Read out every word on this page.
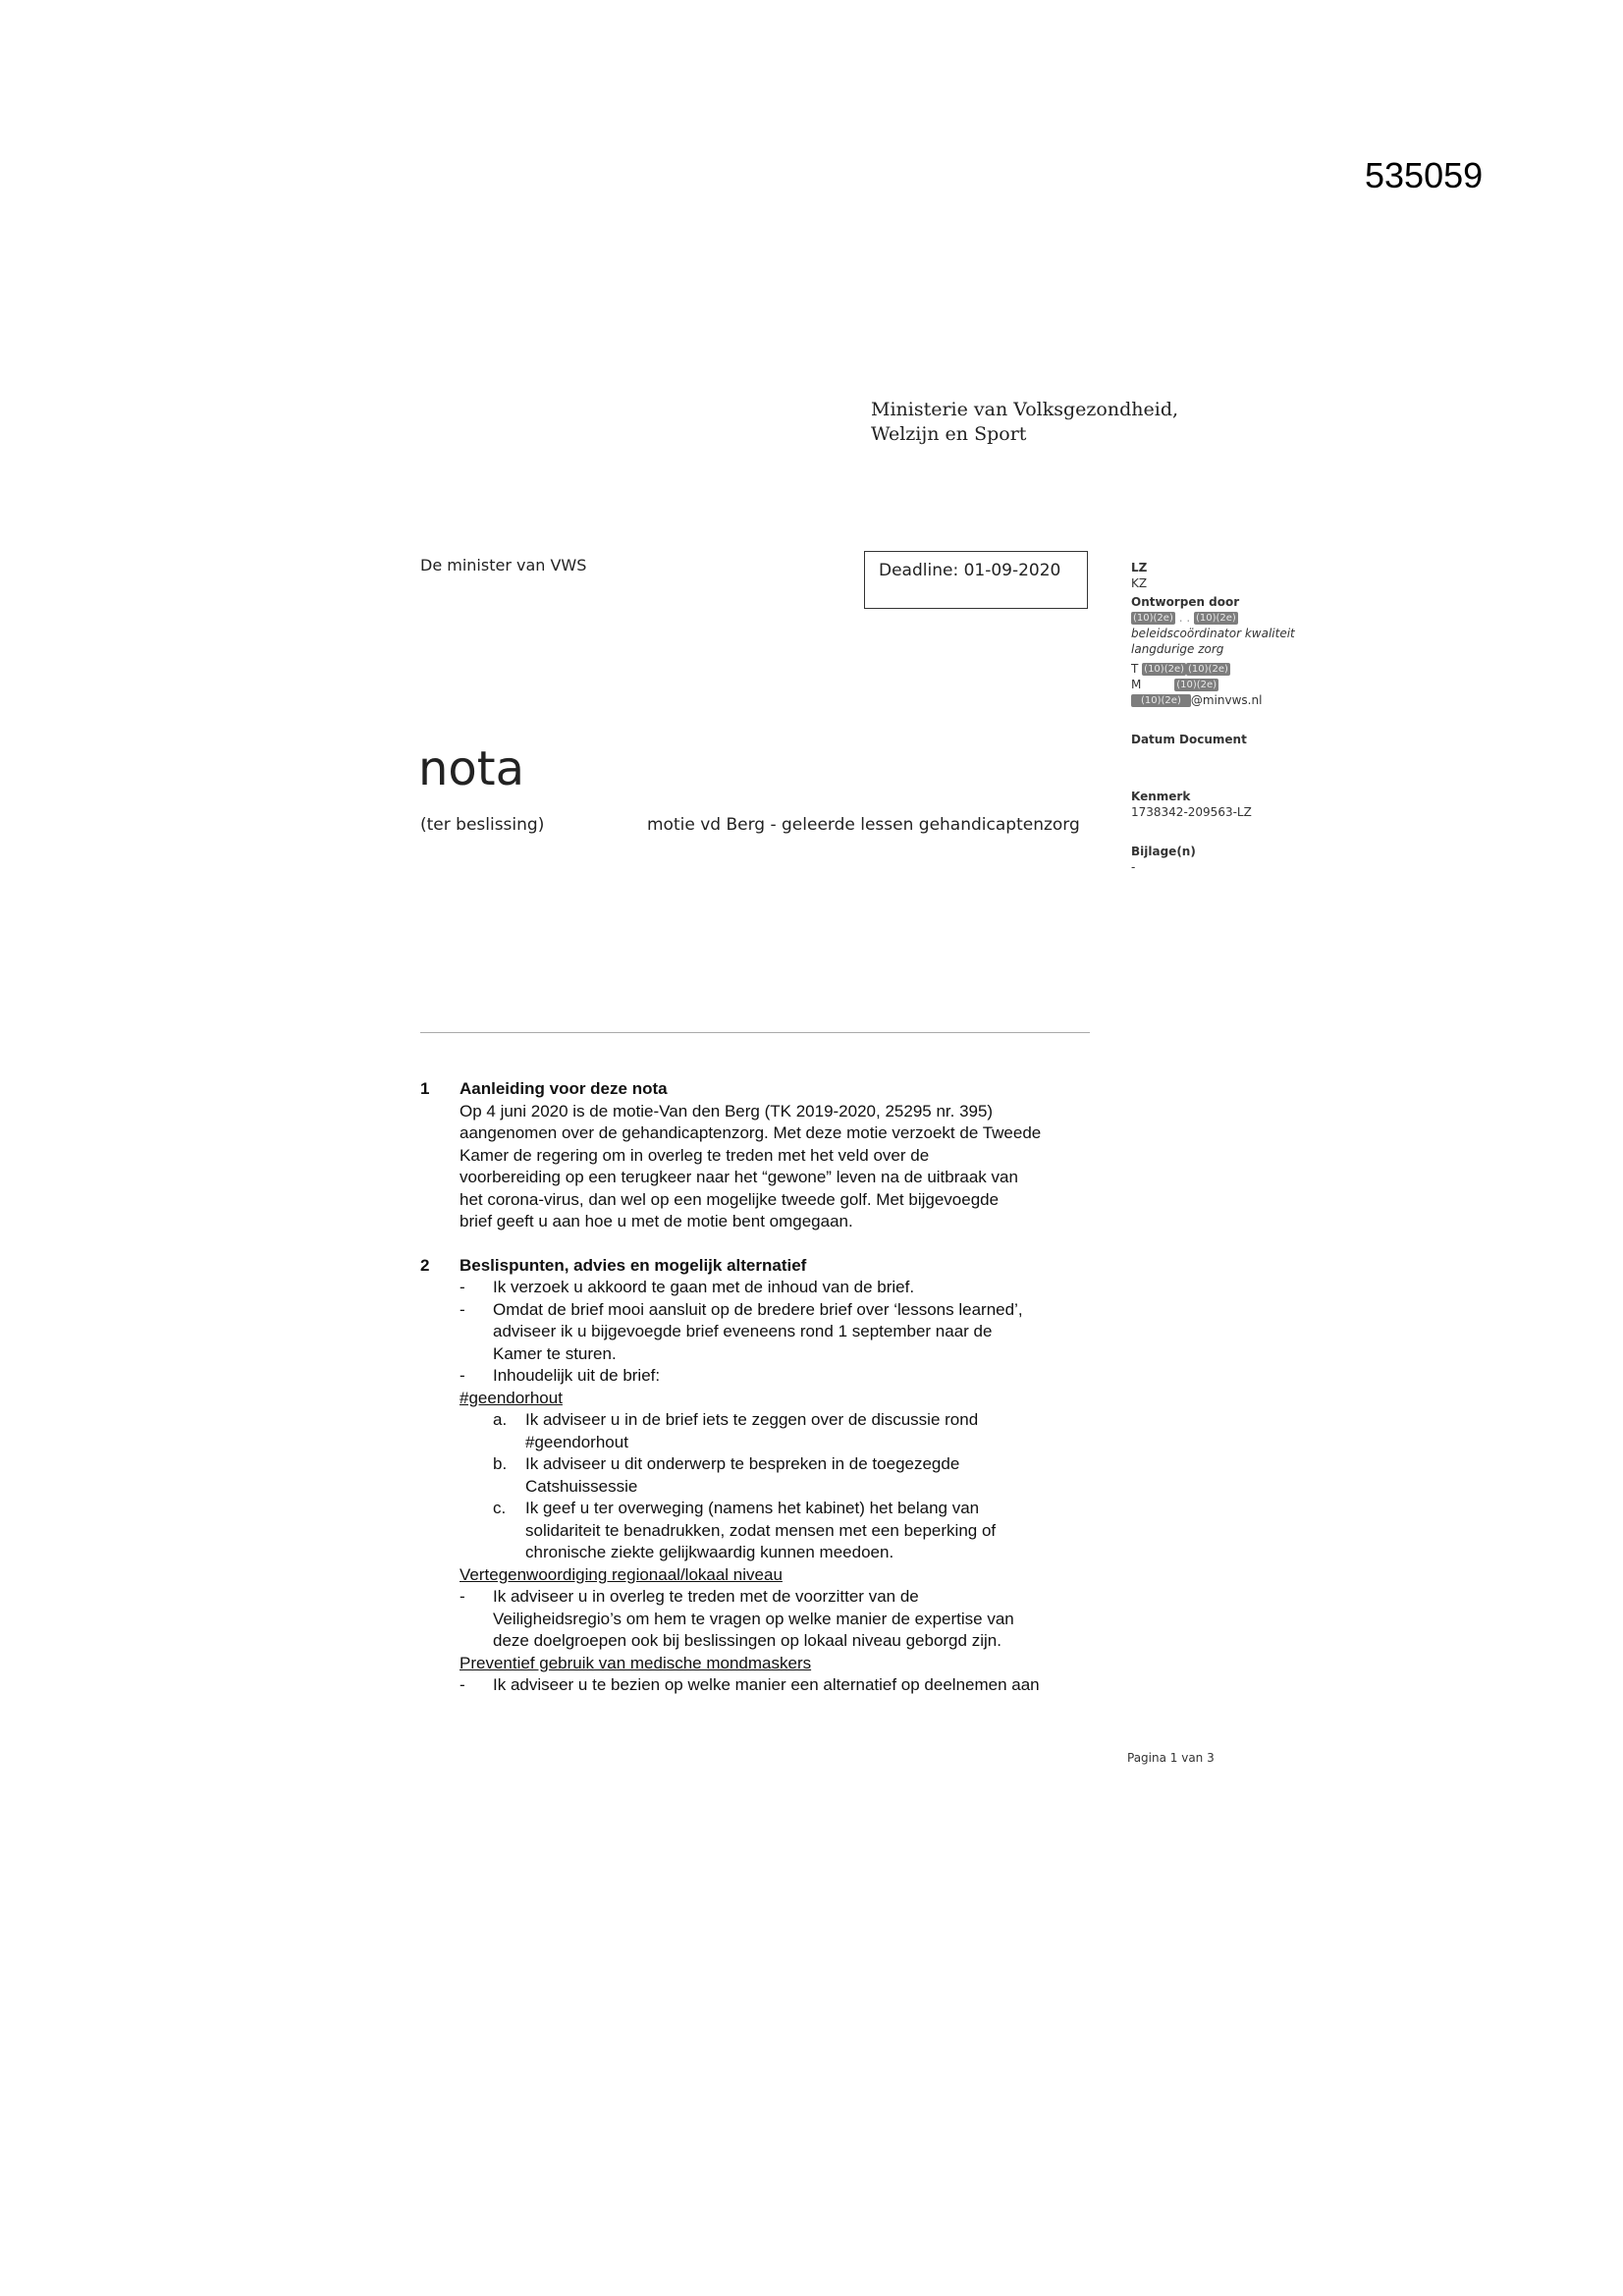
535059
Ministerie van Volksgezondheid,
Welzijn en Sport
De minister van VWS	Deadline: 01-09-2020	LZ
KZ
Ontworpen door
(10)(2e) . . (10)(2e)
beleidscoördinator kwaliteit
langdurige zorg
T (10)(2e) (10)(2e)
M	(10)(2e)
(10)(2e) @minvws.nl
Datum Document
Kenmerk
1738342-209563-LZ
Bijlage(n)
-
nota
(ter beslissing)	motie vd Berg - geleerde lessen gehandicaptenzorg
1 Aanleiding voor deze nota

Op 4 juni 2020 is de motie-Van den Berg (TK 2019-2020, 25295 nr. 395)

aangenomen over de gehandicaptenzorg. Met deze motie verzoekt de Tweede

Kamer de regering om in overleg te treden met het veld over de

voorbereiding op een terugkeer naar het “gewone” leven na de uitbraak van

het corona-virus, dan wel op een mogelijke tweede golf. Met bijgevoegde

brief geeft u aan hoe u met de motie bent omgegaan.

2 Beslispunten, advies en mogelijk alternatief
- Ik verzoek u akkoord te gaan met de inhoud van de brief.

- Omdat de brief mooi aansluit op de bredere brief over ‘lessons learned’,

adviseer ik u bijgevoegde brief eveneens rond 1 september naar de

Kamer te sturen.

- Inhoudelijk uit de brief:

#geendorhout

a. Ik adviseer u in de brief iets te zeggen over de discussie rond

#geendorhout

b. Ik adviseer u dit onderwerp te bespreken in de toegezegde

Catshuissessie

c. Ik geef u ter overweging (namens het kabinet) het belang van

solidariteit te benadrukken, zodat mensen met een beperking of

chronische ziekte gelijkwaardig kunnen meedoen.

Vertegenwoordiging regionaal/lokaal niveau

- Ik adviseer u in overleg te treden met de voorzitter van de

Veiligheidsregio’s om hem te vragen op welke manier de expertise van

deze doelgroepen ook bij beslissingen op lokaal niveau geborgd zijn.

Preventief gebruik van medische mondmaskers

- Ik adviseer u te bezien op welke manier een alternatief op deelnemen aan

Pagina 1 van 3
